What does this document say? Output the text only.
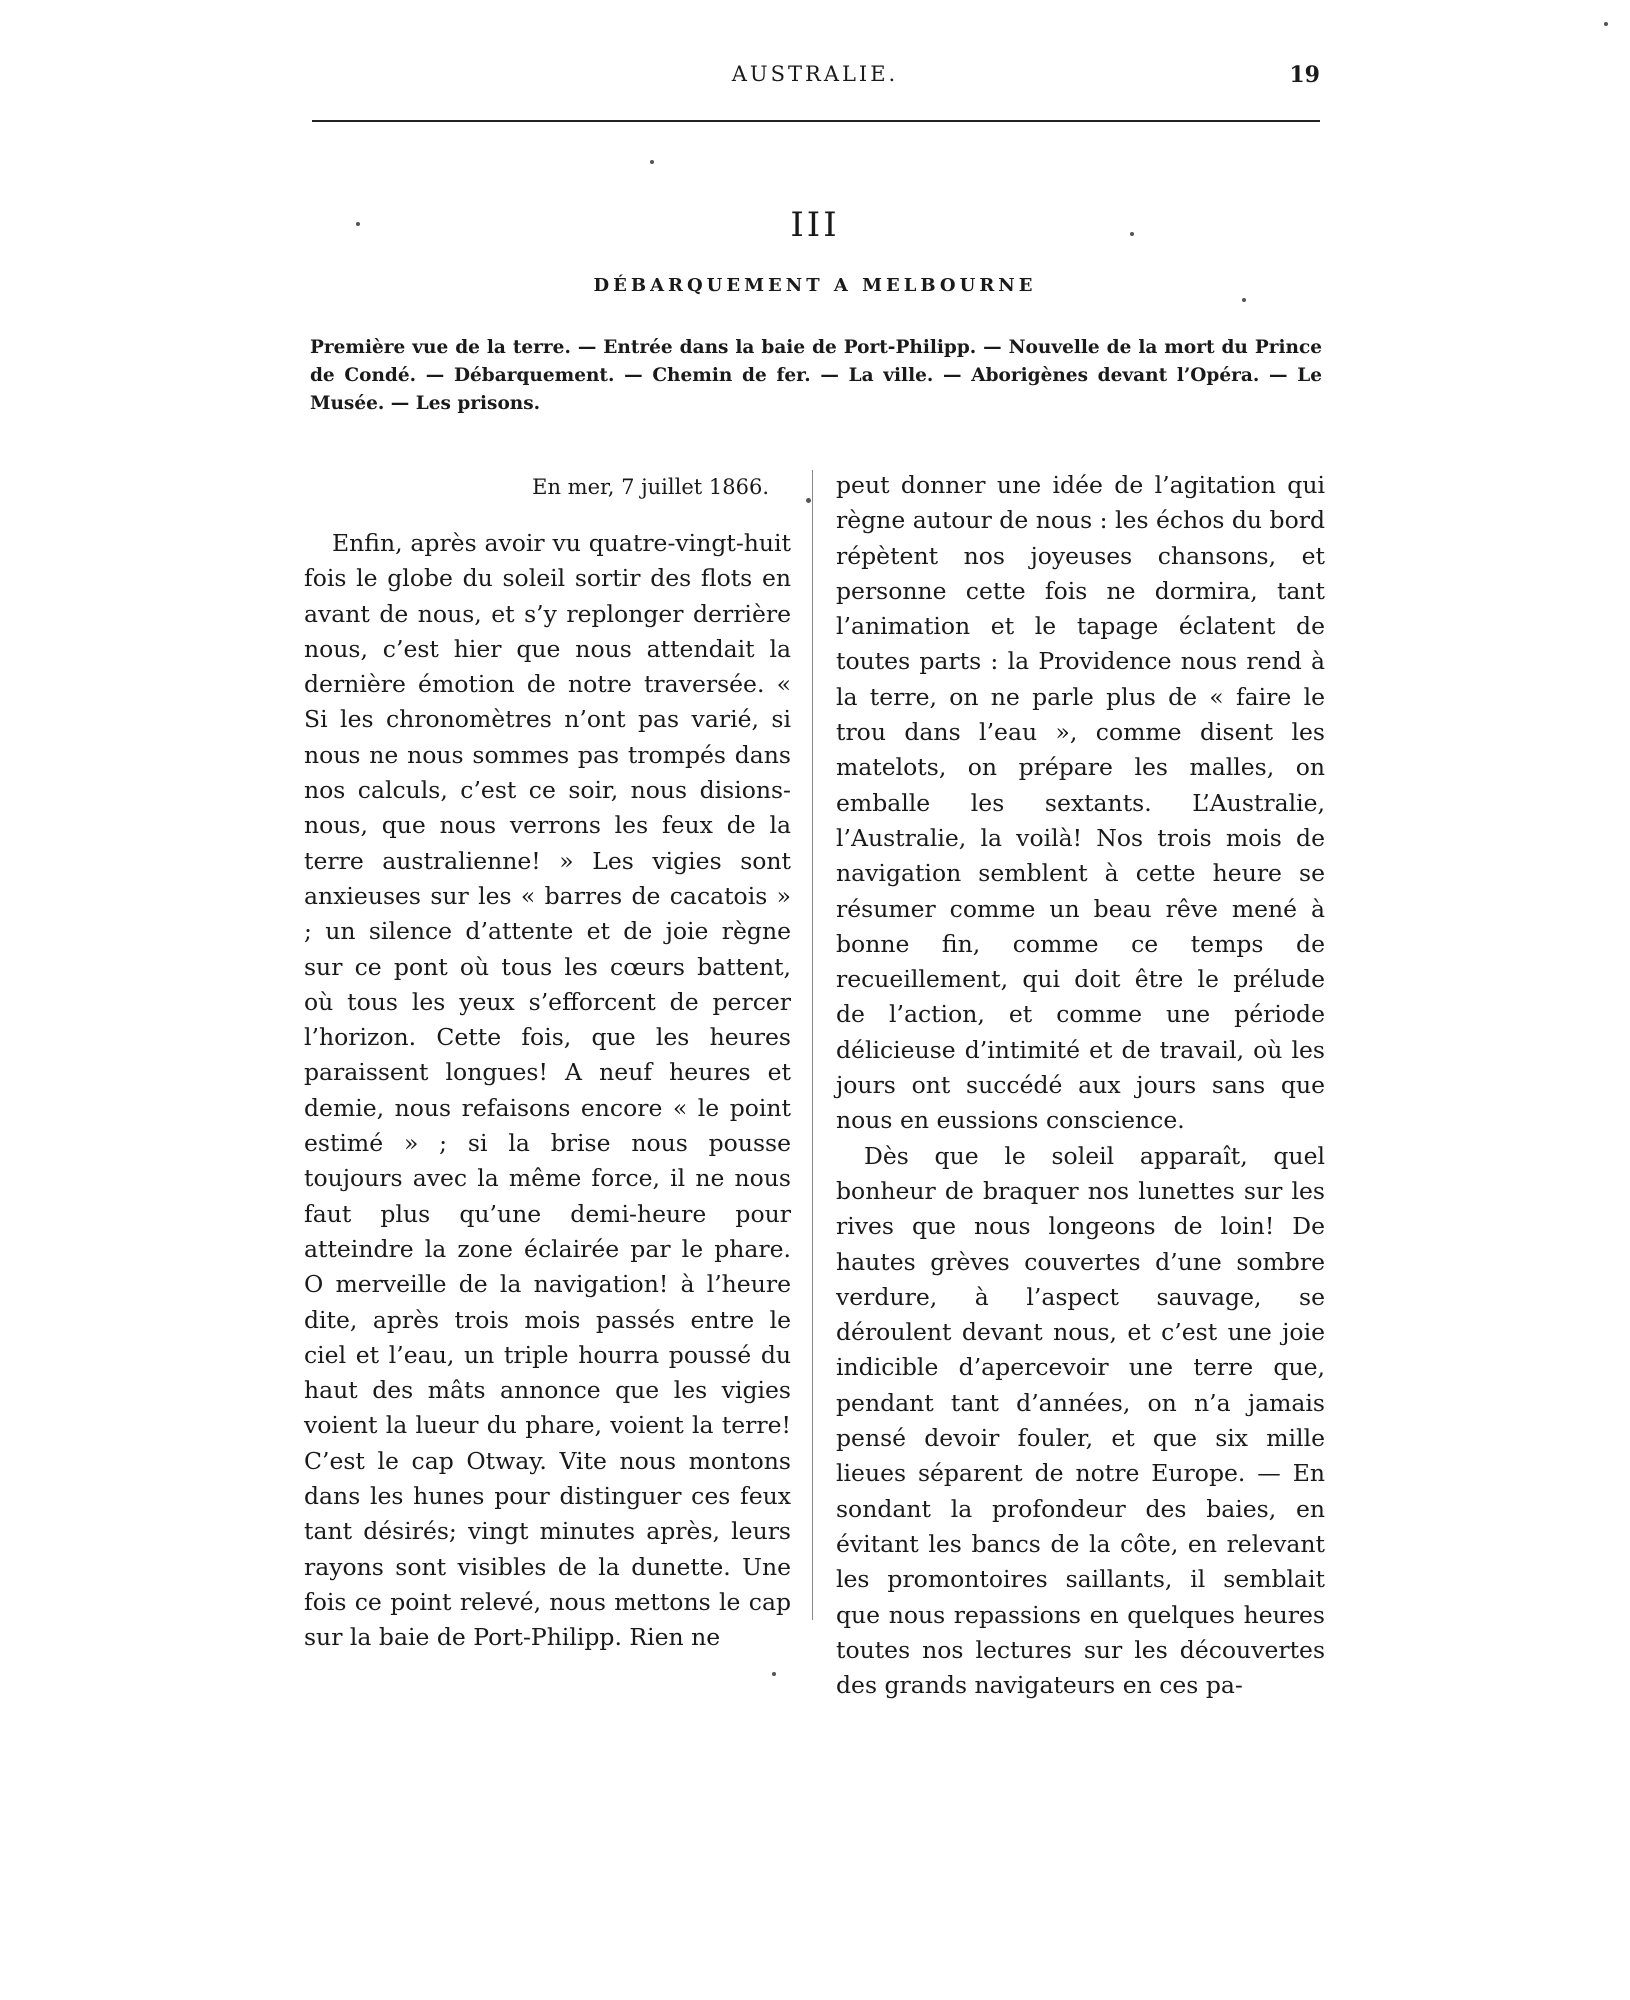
AUSTRALIE.	19
III
DÉBARQUEMENT A MELBOURNE
Première vue de la terre. — Entrée dans la baie de Port-Philipp. — Nouvelle de la mort du Prince de Condé. — Débarquement. — Chemin de fer. — La ville. — Aborigènes devant l’Opéra. — Le Musée. — Les prisons.
En mer, 7 juillet 1866.

Enfin, après avoir vu quatre-vingt-huit fois le globe du soleil sortir des flots en avant de nous, et s’y replonger derrière nous, c’est hier que nous attendait la dernière émotion de notre traversée. « Si les chronomètres n’ont pas varié, si nous ne nous sommes pas trompés dans nos calculs, c’est ce soir, nous disions-nous, que nous verrons les feux de la terre australienne! » Les vigies sont anxieuses sur les « barres de cacatois » ; un silence d’attente et de joie règne sur ce pont où tous les cœurs battent, où tous les yeux s’efforcent de percer l’horizon. Cette fois, que les heures paraissent longues! A neuf heures et demie, nous refaisons encore « le point estimé » ; si la brise nous pousse toujours avec la même force, il ne nous faut plus qu’une demi-heure pour atteindre la zone éclairée par le phare. O merveille de la navigation! à l’heure dite, après trois mois passés entre le ciel et l’eau, un triple hourra poussé du haut des mâts annonce que les vigies voient la lueur du phare, voient la terre! C’est le cap Otway. Vite nous montons dans les hunes pour distinguer ces feux tant désirés; vingt minutes après, leurs rayons sont visibles de la dunette. Une fois ce point relevé, nous mettons le cap sur la baie de Port-Philipp. Rien ne

peut donner une idée de l’agitation qui règne autour de nous : les échos du bord répètent nos joyeuses chansons, et personne cette fois ne dormira, tant l’animation et le tapage éclatent de toutes parts : la Providence nous rend à la terre, on ne parle plus de « faire le trou dans l’eau », comme disent les matelots, on prépare les malles, on emballe les sextants. L’Australie, l’Australie, la voilà! Nos trois mois de navigation semblent à cette heure se résumer comme un beau rêve mené à bonne fin, comme ce temps de recueillement, qui doit être le prélude de l’action, et comme une période délicieuse d’intimité et de travail, où les jours ont succédé aux jours sans que nous en eussions conscience.

Dès que le soleil apparaît, quel bonheur de braquer nos lunettes sur les rives que nous longeons de loin! De hautes grèves couvertes d’une sombre verdure, à l’aspect sauvage, se déroulent devant nous, et c’est une joie indicible d’apercevoir une terre que, pendant tant d’années, on n’a jamais pensé devoir fouler, et que six mille lieues séparent de notre Europe. — En sondant la profondeur des baies, en évitant les bancs de la côte, en relevant les promontoires saillants, il semblait que nous repassions en quelques heures toutes nos lectures sur les découvertes des grands navigateurs en ces pa-
